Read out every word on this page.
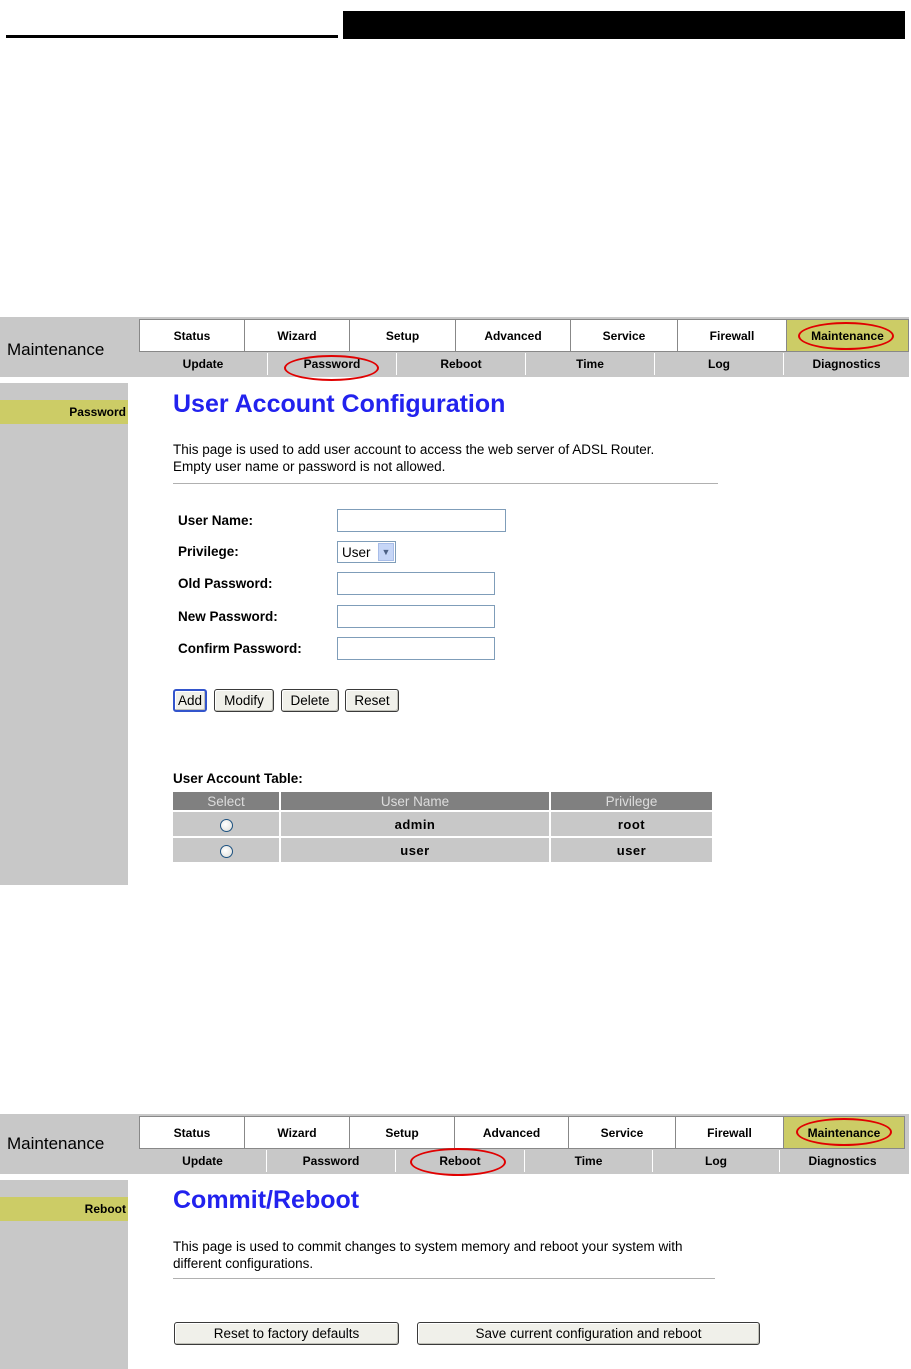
Maintenance
Status	Wizard	Setup	Advanced	Service	Firewall	Maintenance
Update	Password	Reboot	Time	Log	Diagnostics
Password User Account Configuration
This page is used to add user account to access the web server of ADSL Router.
Empty user name or password is not allowed.
User Name:
Privilege:	User	▼
Old Password:
New Password:
Confirm Password:
Add	Modify	Delete	Reset
User Account Table:
Select	User Name	Privilege
	admin	root
	user	user
Maintenance
Status	Wizard	Setup	Advanced	Service	Firewall	Maintenance
Update	Password	Reboot	Time	Log	Diagnostics
Reboot Commit/Reboot
This page is used to commit changes to system memory and reboot your system with
different configurations.
Reset to factory defaults	Save current configuration and reboot
